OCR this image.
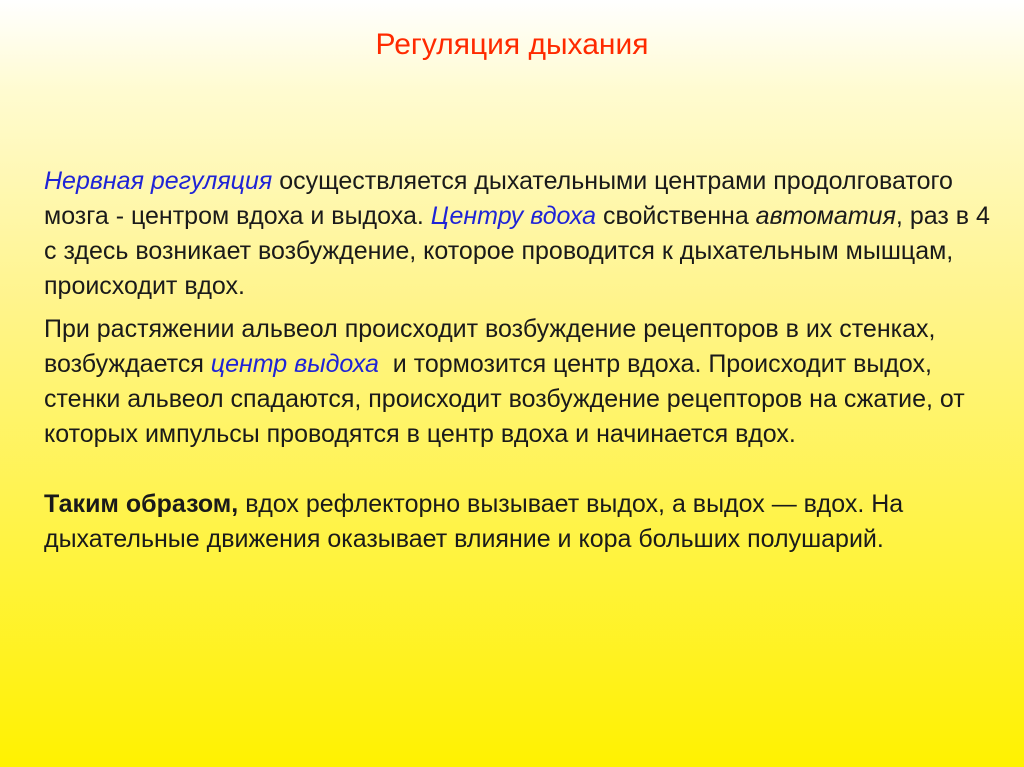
Регуляция дыхания

Нервная регуляция осуществляется дыхательными центрами продолговатого мозга - центром вдоха и выдоха. Центру вдоха свойственна автоматия, раз в 4 с здесь возникает возбуждение, которое проводится к дыхательным мышцам, происходит вдох.

При растяжении альвеол происходит возбуждение рецепторов в их стенках, возбуждается центр выдоха  и тормозится центр вдоха. Происходит выдох, стенки альвеол спадаются, происходит возбуждение рецепторов на сжатие, от которых импульсы проводятся в центр вдоха и начинается вдох.

Таким образом, вдох рефлекторно вызывает выдох, а выдох — вдох. На дыхательные движения оказывает влияние и кора больших полушарий.
